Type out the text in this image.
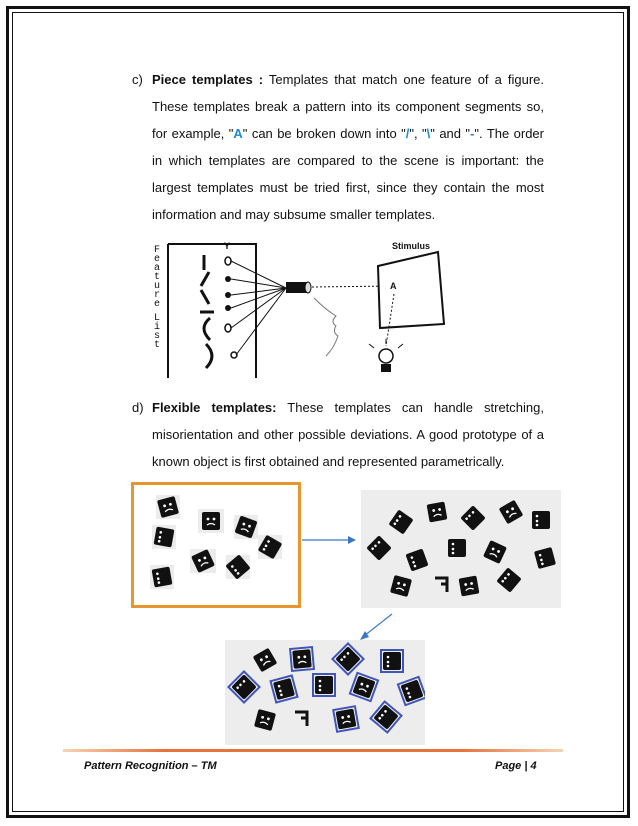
c) Piece templates : Templates that match one feature of a figure. These templates break a pattern into its component segments so, for example, "A" can be broken down into "/", "\" and "-". The order in which templates are compared to the scene is important: the largest templates must be tried first, since they contain the most information and may subsume smaller templates.

F e a t u r e L i s t
Y	Stimulus
A
d) Flexible templates: These templates can handle stretching, misorientation and other possible deviations. A good prototype of a known object is first obtained and represented parametrically.

Pattern Recognition – TM	Page | 4
